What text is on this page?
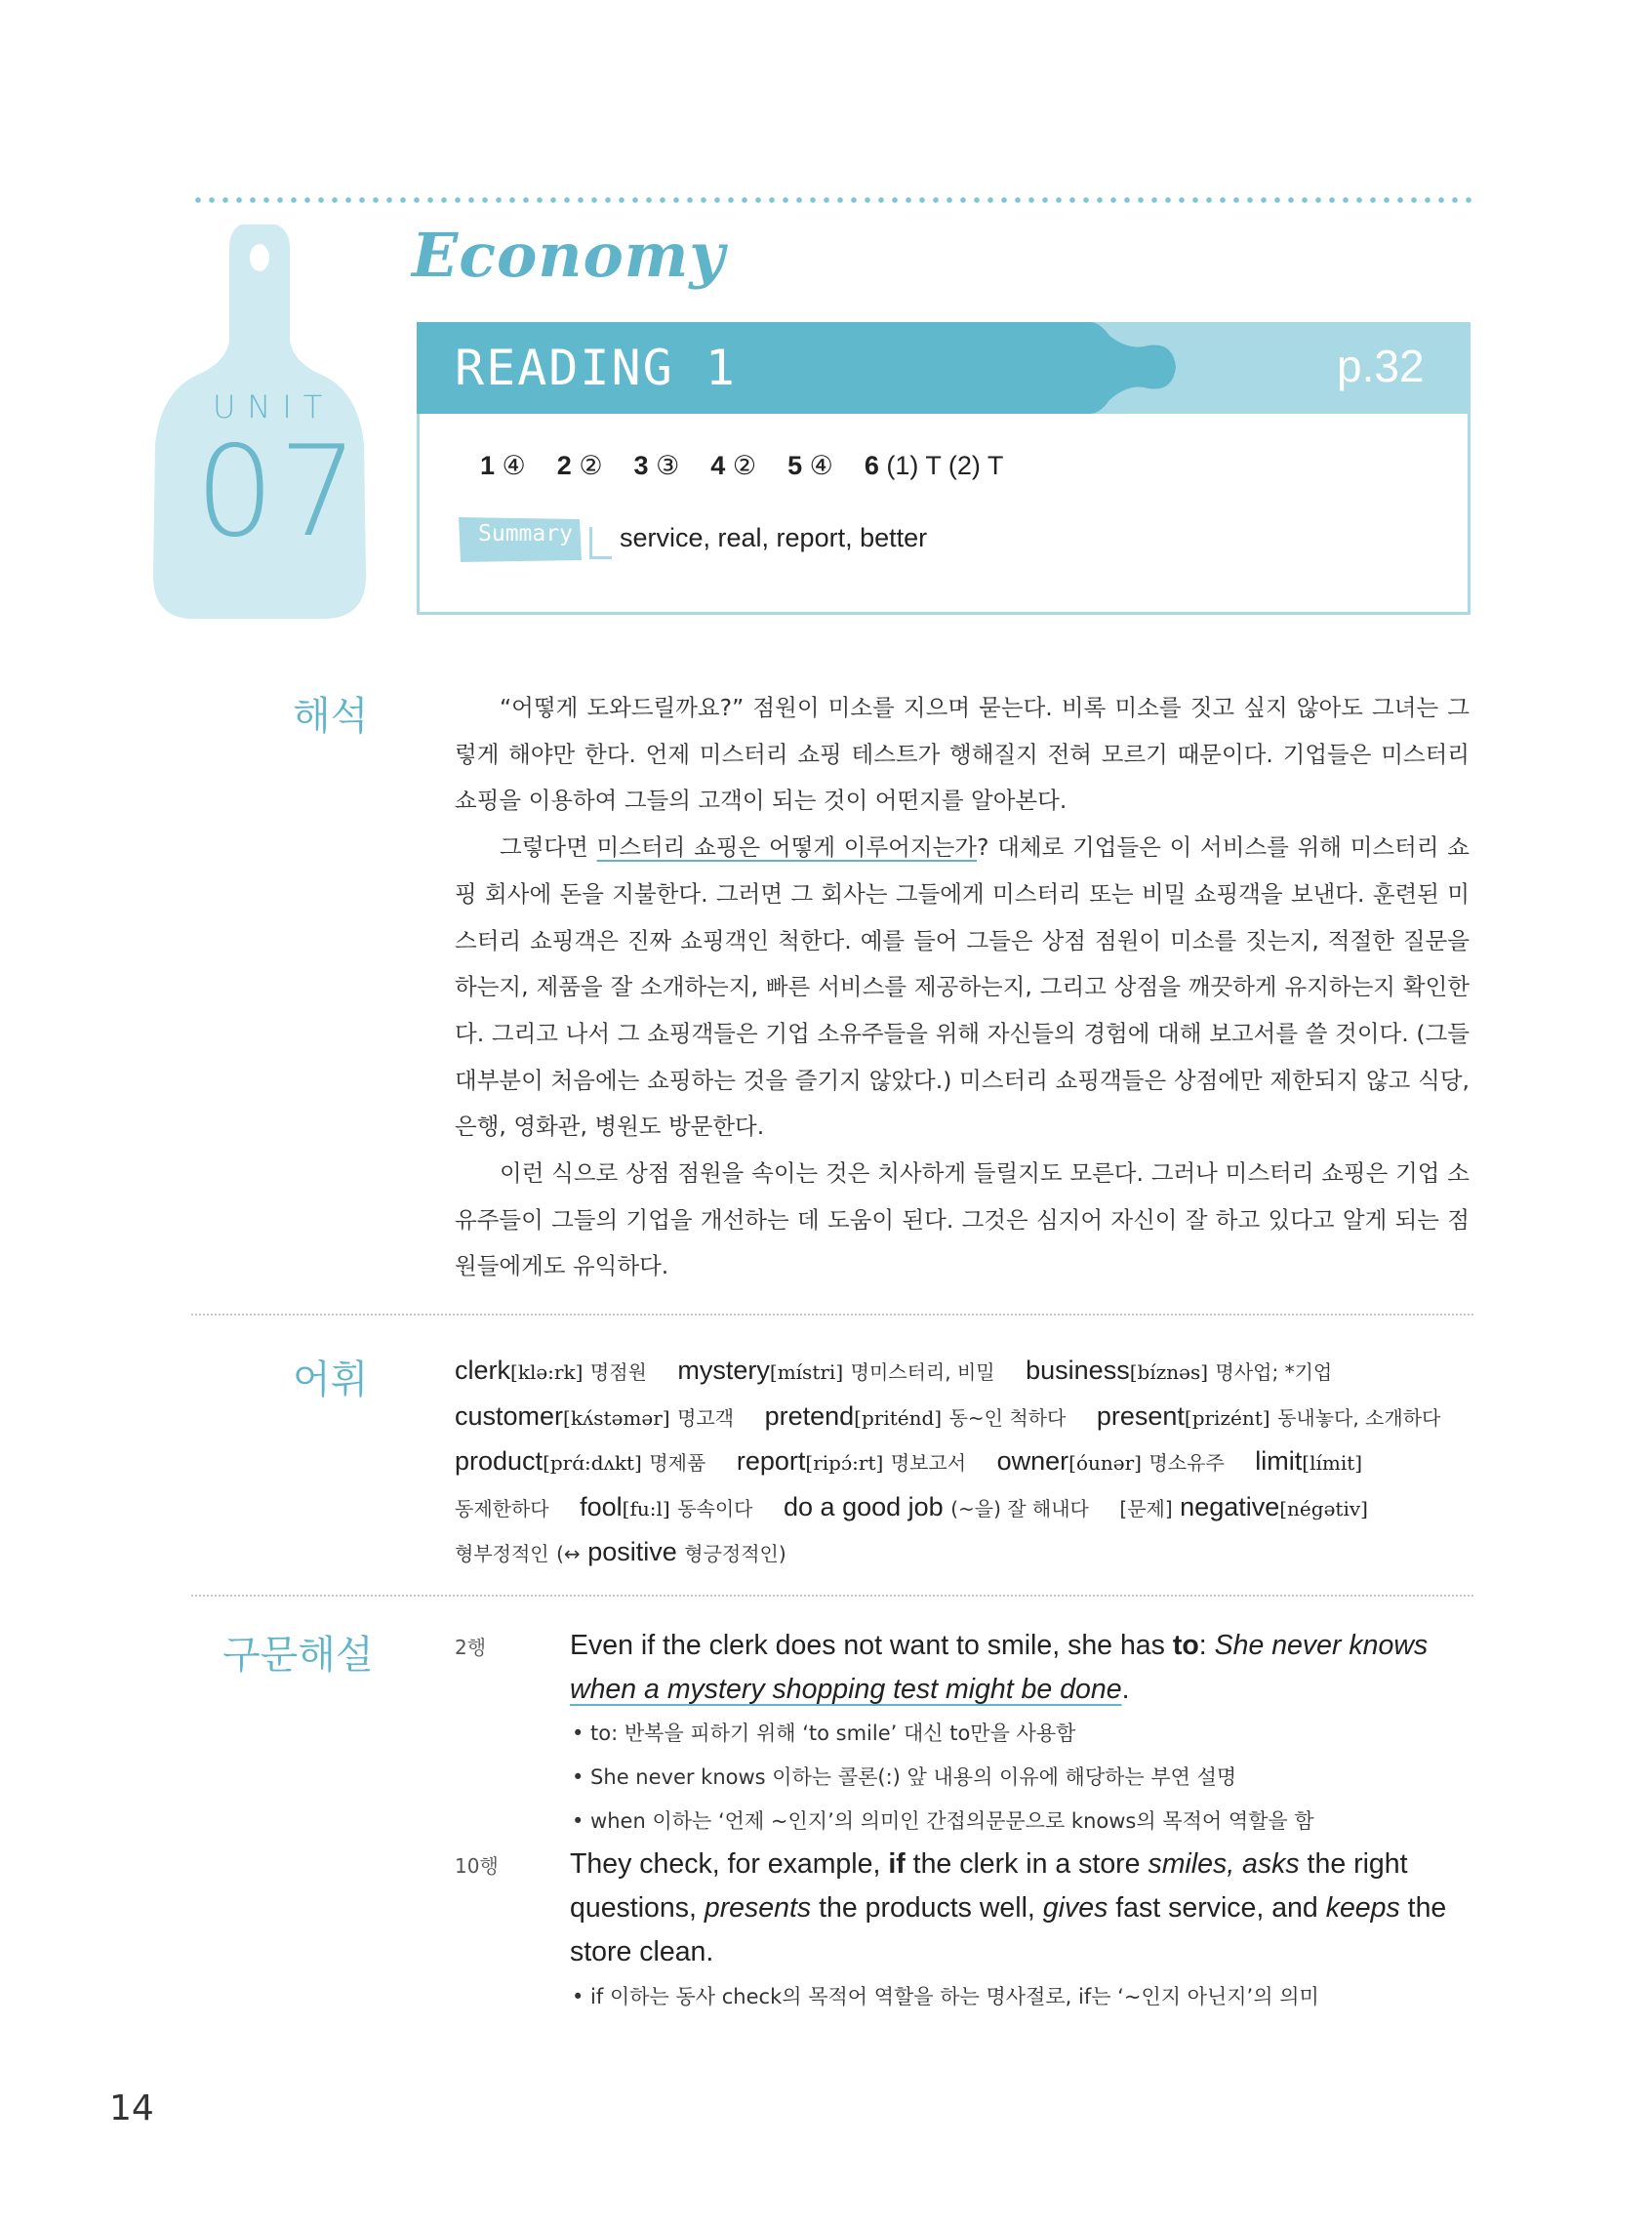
UNIT
07
Economy
READING 1	p.32
1 ④ 2 ② 3 ③ 4 ② 5 ④ 6 (1) T (2) T
Summary service, real, report, better
해석	“어떻게 도와드릴까요?” 점원이 미소를 지으며 묻는다. 비록 미소를 짓고 싶지 않아도 그녀는 그렇게 해야만 한다. 언제 미스터리 쇼핑 테스트가 행해질지 전혀 모르기 때문이다. 기업들은 미스터리 쇼핑을 이용하여 그들의 고객이 되는 것이 어떤지를 알아본다.

그렇다면 미스터리 쇼핑은 어떻게 이루어지는가? 대체로 기업들은 이 서비스를 위해 미스터리 쇼핑 회사에 돈을 지불한다. 그러면 그 회사는 그들에게 미스터리 또는 비밀 쇼핑객을 보낸다. 훈련된 미스터리 쇼핑객은 진짜 쇼핑객인 척한다. 예를 들어 그들은 상점 점원이 미소를 짓는지, 적절한 질문을 하는지, 제품을 잘 소개하는지, 빠른 서비스를 제공하는지, 그리고 상점을 깨끗하게 유지하는지 확인한다. 그리고 나서 그 쇼핑객들은 기업 소유주들을 위해 자신들의 경험에 대해 보고서를 쓸 것이다. (그들 대부분이 처음에는 쇼핑하는 것을 즐기지 않았다.) 미스터리 쇼핑객들은 상점에만 제한되지 않고 식당, 은행, 영화관, 병원도 방문한다.

이런 식으로 상점 점원을 속이는 것은 치사하게 들릴지도 모른다. 그러나 미스터리 쇼핑은 기업 소유주들이 그들의 기업을 개선하는 데 도움이 된다. 그것은 심지어 자신이 잘 하고 있다고 알게 되는 점원들에게도 유익하다.

어휘	clerk[klə:rk] 명점원 mystery[místri] 명미스터리, 비밀 business[bíznəs] 명사업; *기업
customer[kʌ́stəmər] 명고객 pretend[priténd] 동~인 척하다 present[prizént] 동내놓다, 소개하다
product[prɑ́:dʌkt] 명제품 report[ripɔ́:rt] 명보고서 owner[óunər] 명소유주 limit[límit]
동제한하다 fool[fu:l] 동속이다 do a good job (~을) 잘 해내다 [문제] negative[négətiv]
형부정적인 (↔ positive 형긍정적인)
구문해설	2행	Even if the clerk does not want to smile, she has to: She never knows
when a mystery shopping test might be done.
• to: 반복을 피하기 위해 ‘to smile’ 대신 to만을 사용함
• She never knows 이하는 콜론(:) 앞 내용의 이유에 해당하는 부연 설명
• when 이하는 ‘언제 ~인지’의 의미인 간접의문문으로 knows의 목적어 역할을 함
10행	They check, for example, if the clerk in a store smiles, asks the right questions, presents the products well, gives fast service, and keeps the store clean.
• if 이하는 동사 check의 목적어 역할을 하는 명사절로, if는 ‘~인지 아닌지’의 의미
14
